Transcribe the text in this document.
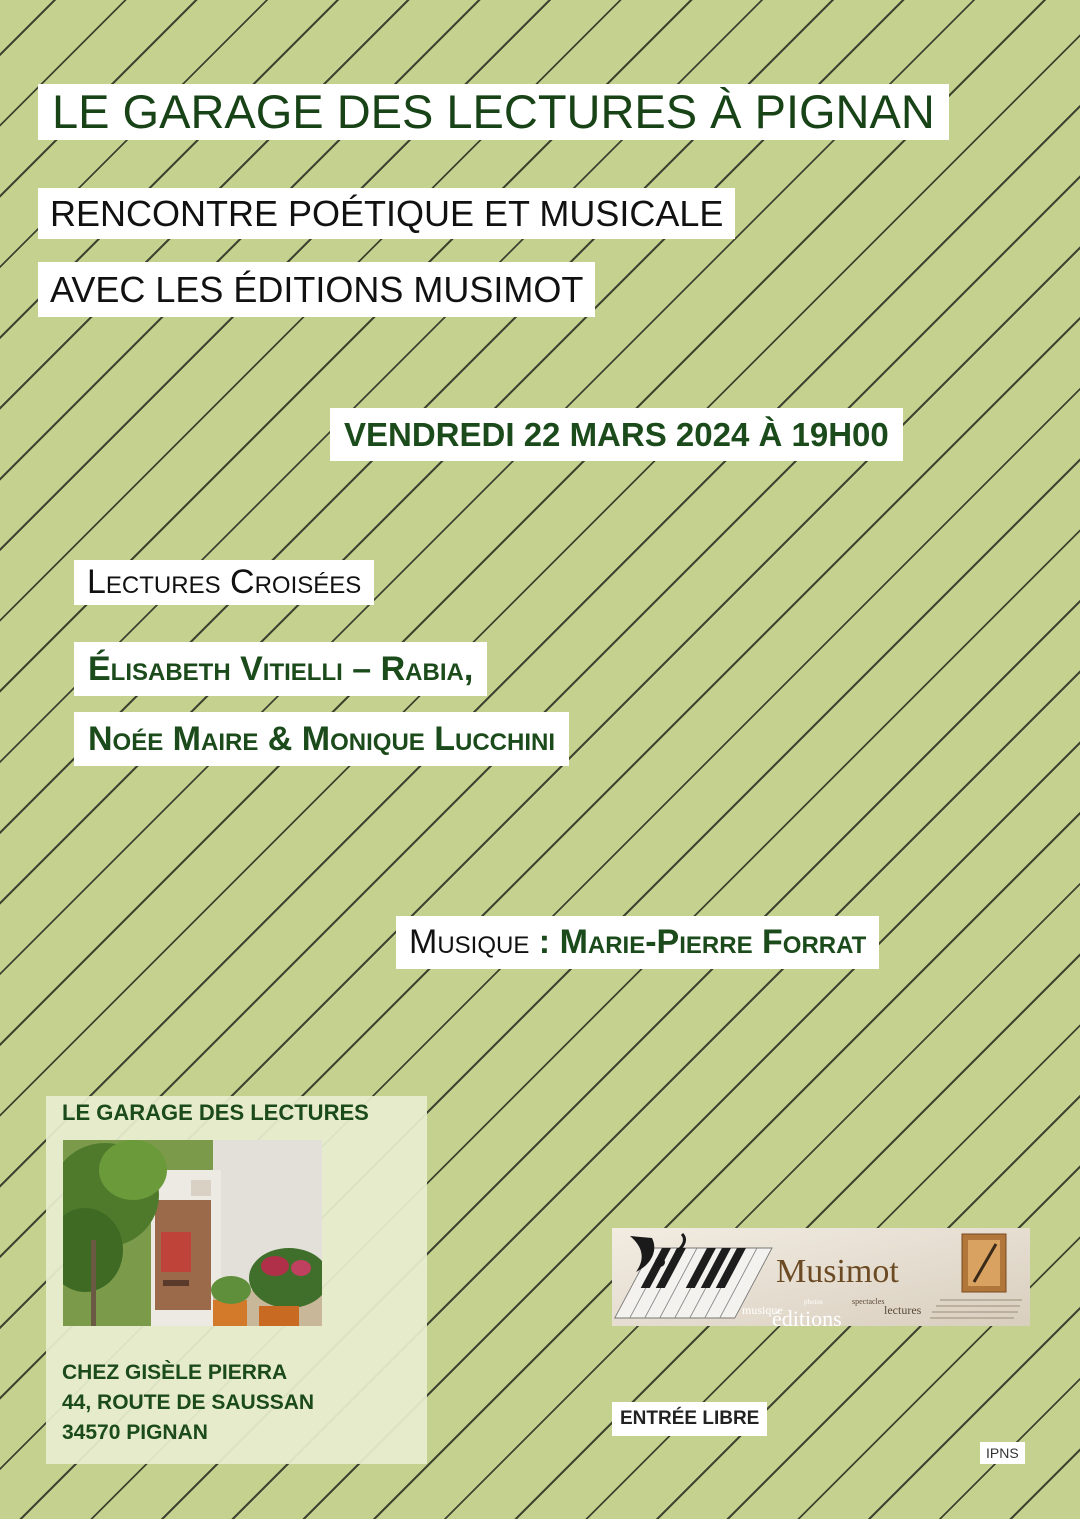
LE GARAGE DES LECTURES À PIGNAN
RENCONTRE POÉTIQUE ET MUSICALE
AVEC LES ÉDITIONS MUSIMOT
VENDREDI 22 MARS 2024 À 19H00
Lectures Croisées
Élisabeth Vitielli – Rabia,
Noée Maire & Monique Lucchini
Musique : Marie-Pierre Forrat
LE GARAGE DES LECTURES
CHEZ GISÈLE PIERRA
44, ROUTE DE SAUSSAN
34570 PIGNAN
Musimot
musique
photos	spectacles
lectures
éditions
ENTRÉE LIBRE
IPNS
